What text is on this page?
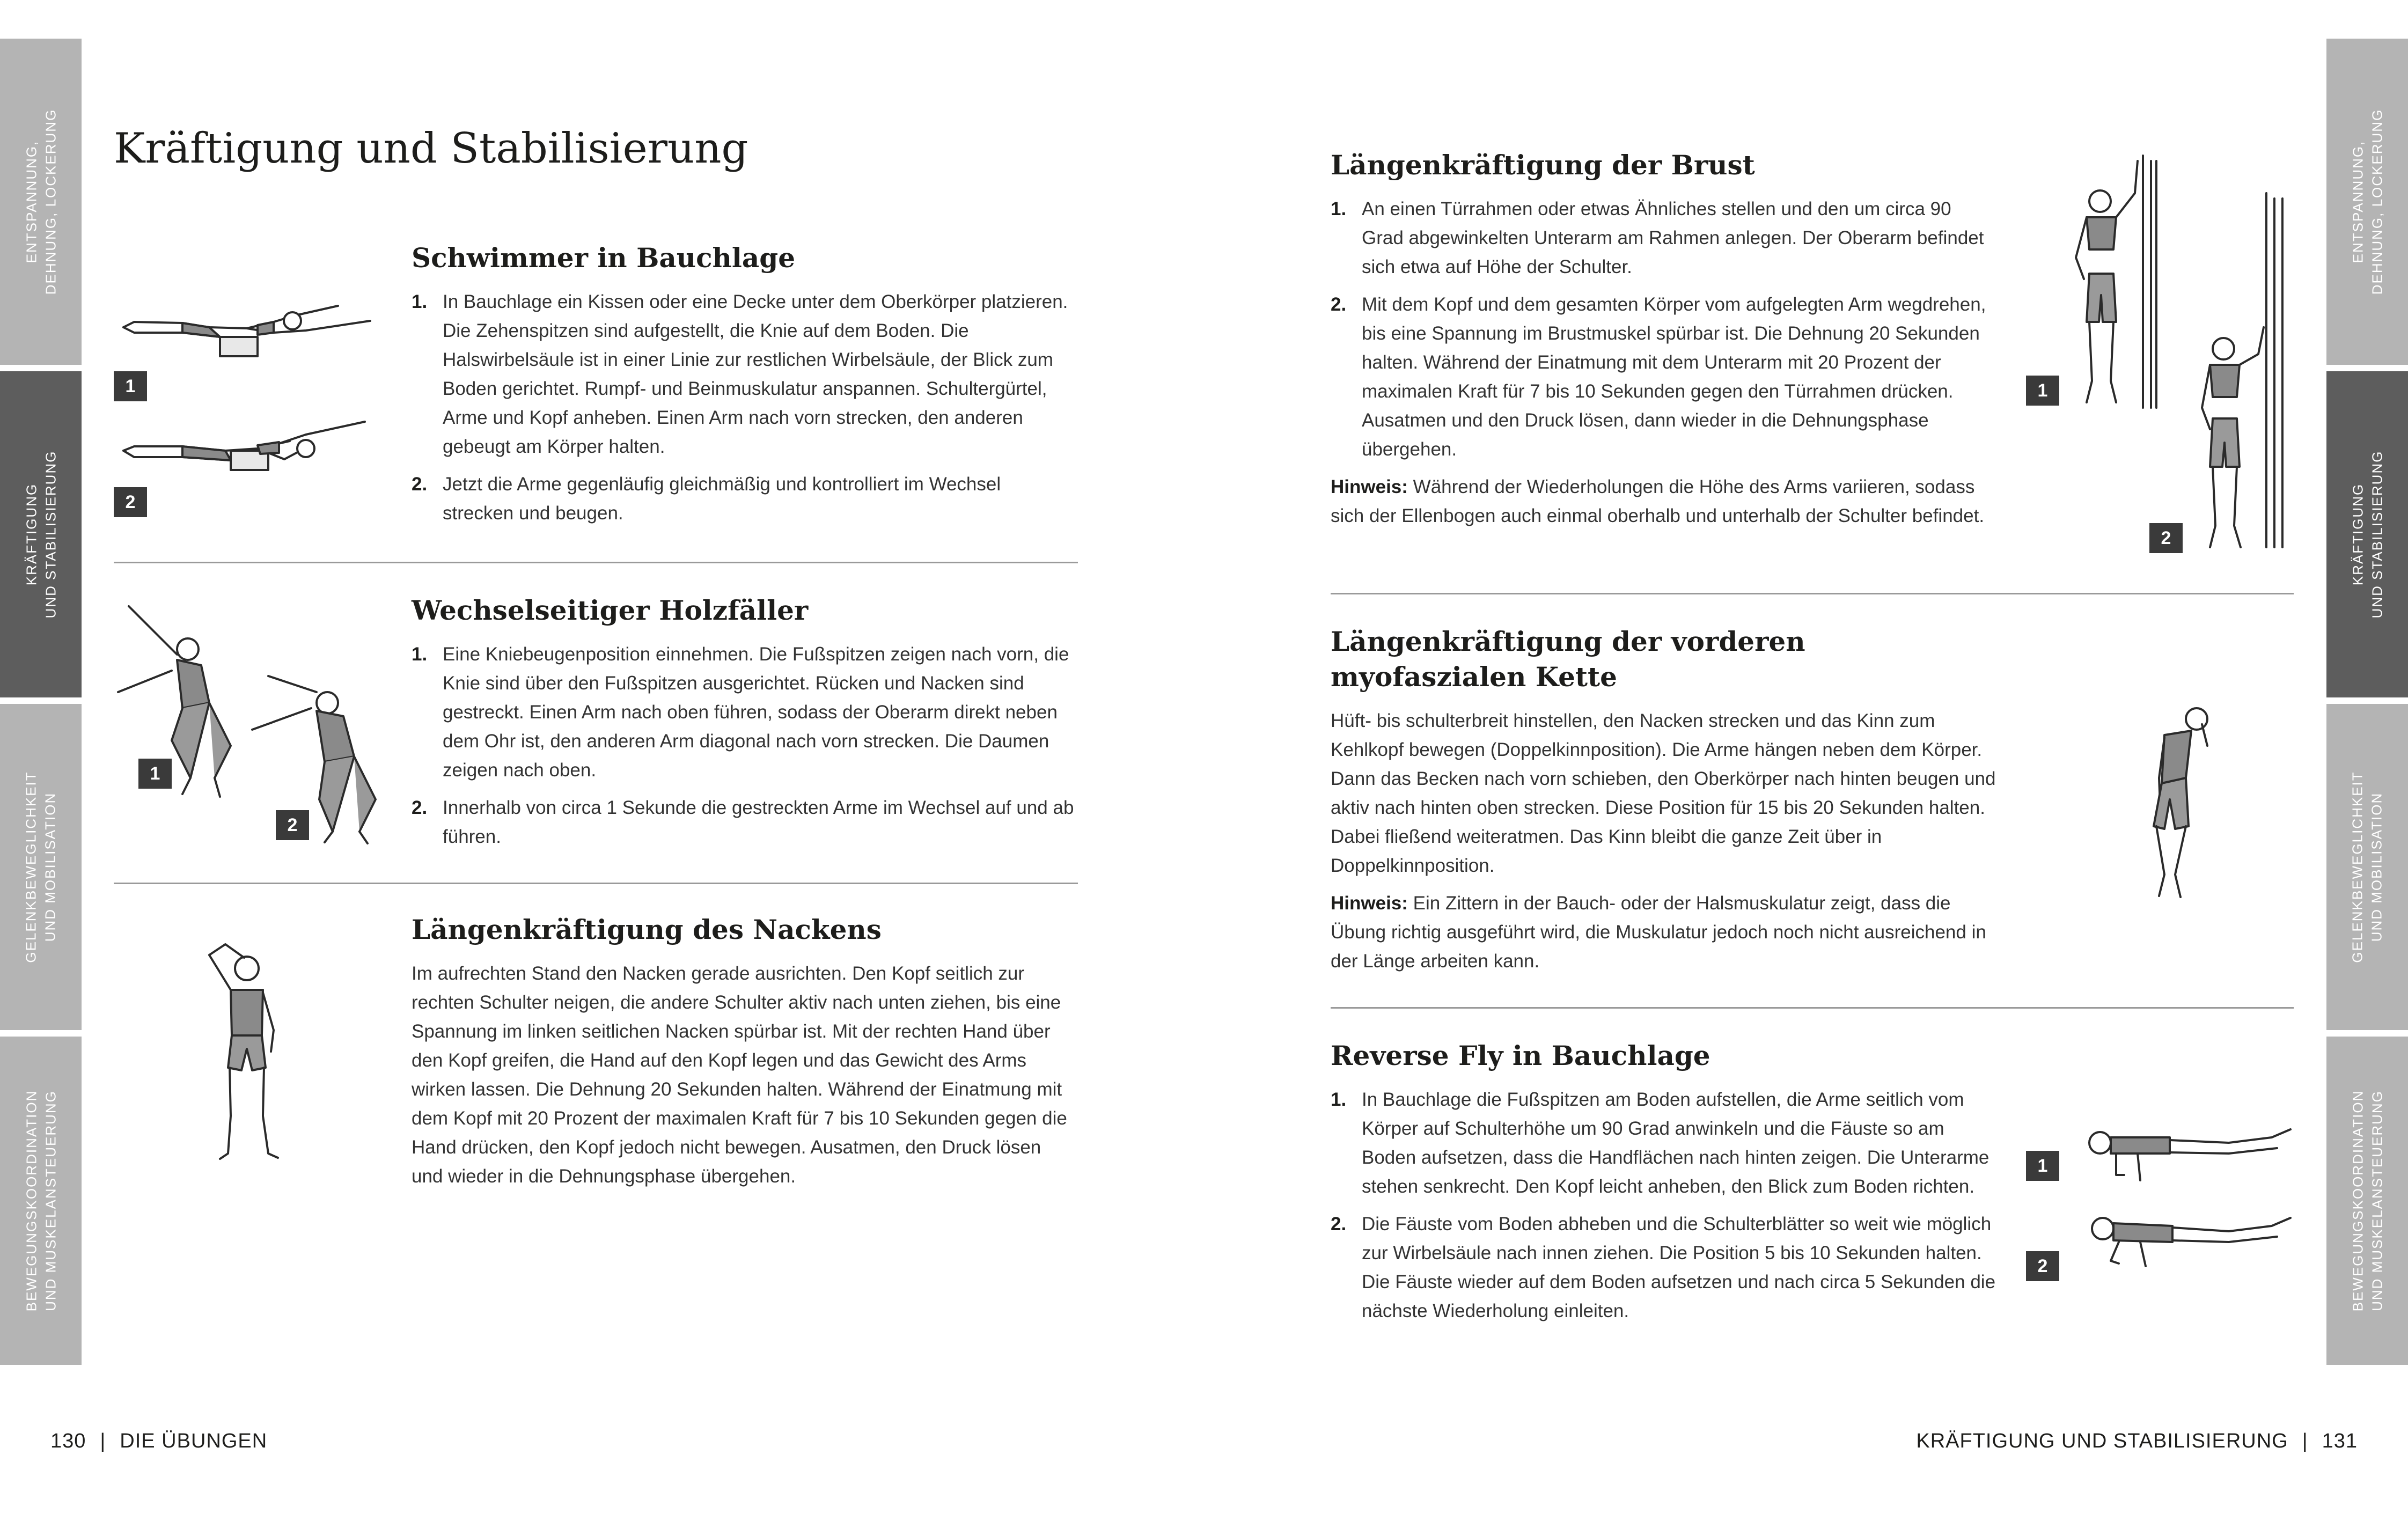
ENTSPANNUNG, DEHNUNG, LOCKERUNG
KRÄFTIGUNG UND STABILISIERUNG
GELENKBEWEGLICHKEIT UND MOBILISATION
BEWEGUNGSKOORDINATION UND MUSKELANSTEUERUNG
Kräftigung und Stabilisierung
1
2
Schwimmer in Bauchlage
1. In Bauchlage ein Kissen oder eine Decke unter dem Oberkörper platzieren. Die Zehenspitzen sind aufgestellt, die Knie auf dem Boden. Die Halswirbelsäule ist in einer Linie zur restlichen Wirbelsäule, der Blick zum Boden gerichtet. Rumpf- und Beinmuskulatur anspannen. Schultergürtel, Arme und Kopf anheben. Einen Arm nach vorn strecken, den anderen gebeugt am Körper halten.
2. Jetzt die Arme gegenläufig gleichmäßig und kontrolliert im Wechsel strecken und beugen.
1
2
Wechselseitiger Holzfäller
1. Eine Kniebeugenposition einnehmen. Die Fußspitzen zeigen nach vorn, die Knie sind über den Fußspitzen ausgerichtet. Rücken und Nacken sind gestreckt. Einen Arm nach oben führen, sodass der Oberarm direkt neben dem Ohr ist, den anderen Arm diagonal nach vorn strecken. Die Daumen zeigen nach oben.
2. Innerhalb von circa 1 Sekunde die gestreckten Arme im Wechsel auf und ab führen.
Längenkräftigung des Nackens

Im aufrechten Stand den Nacken gerade ausrichten. Den Kopf seitlich zur rechten Schulter neigen, die andere Schulter aktiv nach unten ziehen, bis eine Spannung im linken seitlichen Nacken spürbar ist. Mit der rechten Hand über den Kopf greifen, die Hand auf den Kopf legen und das Gewicht des Arms wirken lassen. Die Dehnung 20 Sekunden halten. Während der Einatmung mit dem Kopf mit 20 Prozent der maximalen Kraft für 7 bis 10 Sekunden gegen die Hand drücken, den Kopf jedoch nicht bewegen. Ausatmen, den Druck lösen und wieder in die Dehnungsphase übergehen.

130 | DIE ÜBUNGEN
ENTSPANNUNG, DEHNUNG, LOCKERUNG
KRÄFTIGUNG UND STABILISIERUNG
GELENKBEWEGLICHKEIT UND MOBILISATION
BEWEGUNGSKOORDINATION UND MUSKELANSTEUERUNG
Längenkräftigung der Brust
1. An einen Türrahmen oder etwas Ähnliches stellen und den um circa 90 Grad abgewinkelten Unterarm am Rahmen anlegen. Der Oberarm befindet sich etwa auf Höhe der Schulter.
2. Mit dem Kopf und dem gesamten Körper vom aufgelegten Arm wegdrehen, bis eine Spannung im Brustmuskel spürbar ist. Die Dehnung 20 Sekunden halten. Während der Einatmung mit dem Unterarm mit 20 Prozent der maximalen Kraft für 7 bis 10 Sekunden gegen den Türrahmen drücken. Ausatmen und den Druck lösen, dann wieder in die Dehnungsphase übergehen.

Hinweis: Während der Wiederholungen die Höhe des Arms variieren, sodass sich der Ellenbogen auch einmal oberhalb und unterhalb der Schulter befindet.

1
2
Längenkräftigung der vorderen myofaszialen Kette

Hüft- bis schulterbreit hinstellen, den Nacken strecken und das Kinn zum Kehlkopf bewegen (Doppelkinnposition). Die Arme hängen neben dem Körper. Dann das Becken nach vorn schieben, den Oberkörper nach hinten beugen und aktiv nach hinten oben strecken. Diese Position für 15 bis 20 Sekunden halten. Dabei fließend weiteratmen. Das Kinn bleibt die ganze Zeit über in Doppelkinnposition.

Hinweis: Ein Zittern in der Bauch- oder der Halsmuskulatur zeigt, dass die Übung richtig ausgeführt wird, die Muskulatur jedoch noch nicht ausreichend in der Länge arbeiten kann.

Reverse Fly in Bauchlage
1. In Bauchlage die Fußspitzen am Boden aufstellen, die Arme seitlich vom Körper auf Schulterhöhe um 90 Grad anwinkeln und die Fäuste so am Boden aufsetzen, dass die Handflächen nach hinten zeigen. Die Unterarme stehen senkrecht. Den Kopf leicht anheben, den Blick zum Boden richten.
2. Die Fäuste vom Boden abheben und die Schulterblätter so weit wie möglich zur Wirbelsäule nach innen ziehen. Die Position 5 bis 10 Sekunden halten. Die Fäuste wieder auf dem Boden aufsetzen und nach circa 5 Sekunden die nächste Wiederholung einleiten.
1
2
KRÄFTIGUNG UND STABILISIERUNG | 131
